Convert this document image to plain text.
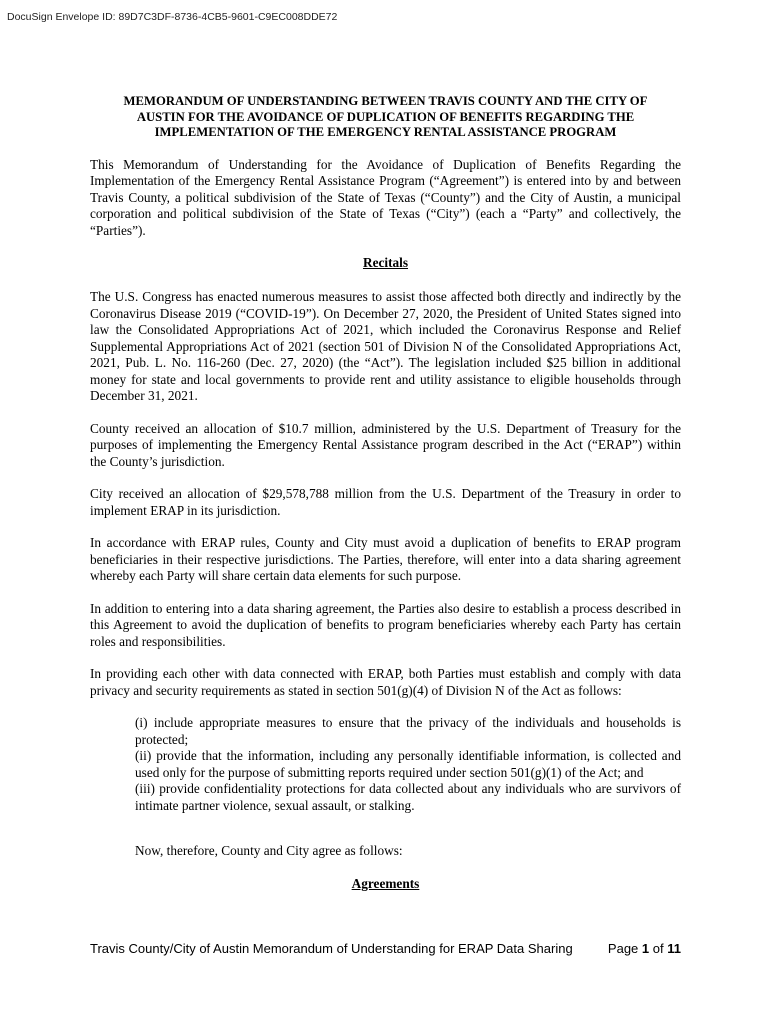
DocuSign Envelope ID: 89D7C3DF-8736-4CB5-9601-C9EC008DDE72
MEMORANDUM OF UNDERSTANDING BETWEEN TRAVIS COUNTY AND THE CITY OF
AUSTIN FOR THE AVOIDANCE OF DUPLICATION OF BENEFITS REGARDING THE
IMPLEMENTATION OF THE EMERGENCY RENTAL ASSISTANCE PROGRAM

This Memorandum of Understanding for the Avoidance of Duplication of Benefits Regarding the Implementation of the Emergency Rental Assistance Program (“Agreement”) is entered into by and between Travis County, a political subdivision of the State of Texas (“County”) and the City of Austin, a municipal corporation and political subdivision of the State of Texas (“City”) (each a “Party” and collectively, the “Parties”).

Recitals

The U.S. Congress has enacted numerous measures to assist those affected both directly and indirectly by the Coronavirus Disease 2019 (“COVID-19”). On December 27, 2020, the President of United States signed into law the Consolidated Appropriations Act of 2021, which included the Coronavirus Response and Relief Supplemental Appropriations Act of 2021 (section 501 of Division N of the Consolidated Appropriations Act, 2021, Pub. L. No. 116-260 (Dec. 27, 2020) (the “Act”). The legislation included $25 billion in additional money for state and local governments to provide rent and utility assistance to eligible households through December 31, 2021.

County received an allocation of $10.7 million, administered by the U.S. Department of Treasury for the purposes of implementing the Emergency Rental Assistance program described in the Act (“ERAP”) within the County’s jurisdiction.

City received an allocation of $29,578,788 million from the U.S. Department of the Treasury in order to implement ERAP in its jurisdiction.

In accordance with ERAP rules, County and City must avoid a duplication of benefits to ERAP program beneficiaries in their respective jurisdictions. The Parties, therefore, will enter into a data sharing agreement whereby each Party will share certain data elements for such purpose.

In addition to entering into a data sharing agreement, the Parties also desire to establish a process described in this Agreement to avoid the duplication of benefits to program beneficiaries whereby each Party has certain roles and responsibilities.

In providing each other with data connected with ERAP, both Parties must establish and comply with data privacy and security requirements as stated in section 501(g)(4) of Division N of the Act as follows:

(i) include appropriate measures to ensure that the privacy of the individuals and households is protected;
(ii) provide that the information, including any personally identifiable information, is collected and used only for the purpose of submitting reports required under section 501(g)(1) of the Act; and
(iii) provide confidentiality protections for data collected about any individuals who are survivors of intimate partner violence, sexual assault, or stalking.

Now, therefore, County and City agree as follows:

Agreements
Travis County/City of Austin Memorandum of Understanding for ERAP Data Sharing	Page 1 of 11
